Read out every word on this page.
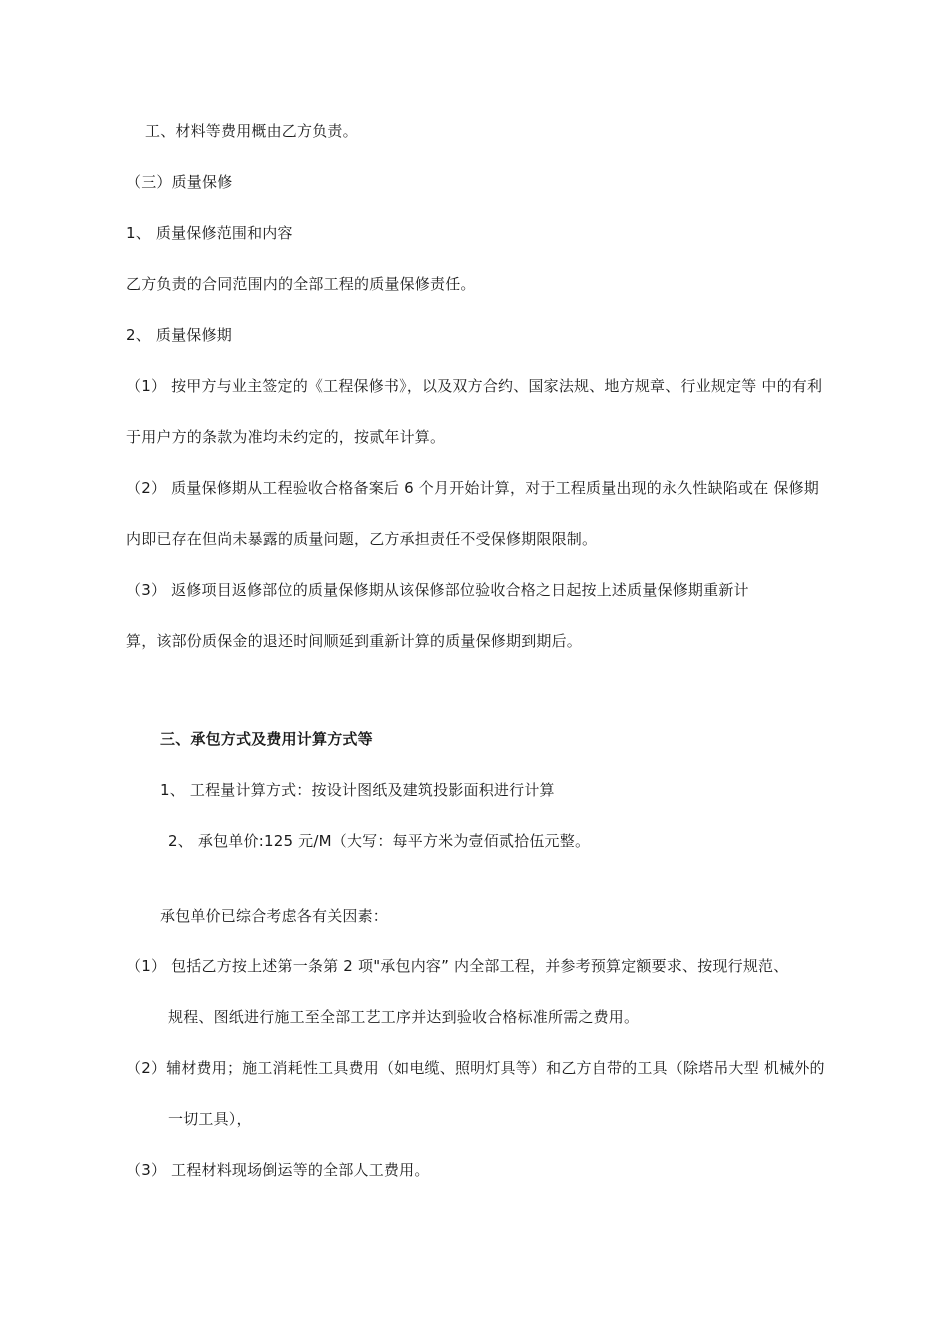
工、材料等费用概由乙方负责。
（三）质量保修
1、 质量保修范围和内容
乙方负责的合同范围内的全部工程的质量保修责任。
2、 质量保修期
（1） 按甲方与业主签定的《工程保修书》，以及双方合约、国家法规、地方规章、行业规定等 中的有利
于用户方的条款为准均未约定的，按贰年计算。
（2） 质量保修期从工程验收合格备案后 6 个月开始计算，对于工程质量出现的永久性缺陷或在 保修期
内即已存在但尚未暴露的质量问题，乙方承担责任不受保修期限限制。
（3） 返修项目返修部位的质量保修期从该保修部位验收合格之日起按上述质量保修期重新计
算，该部份质保金的退还时间顺延到重新计算的质量保修期到期后。
三、承包方式及费用计算方式等
1、 工程量计算方式：按设计图纸及建筑投影面积进行计算
2、 承包单价:125 元/M（大写：每平方米为壹佰贰拾伍元整。
承包单价已综合考虑各有关因素：
（1） 包括乙方按上述第一条第 2 项"承包内容” 内全部工程，并参考预算定额要求、按现行规范、
规程、图纸进行施工至全部工艺工序并达到验收合格标准所需之费用。
（2）辅材费用；施工消耗性工具费用（如电缆、照明灯具等）和乙方自带的工具（除塔吊大型 机械外的
一切工具），
（3） 工程材料现场倒运等的全部人工费用。
